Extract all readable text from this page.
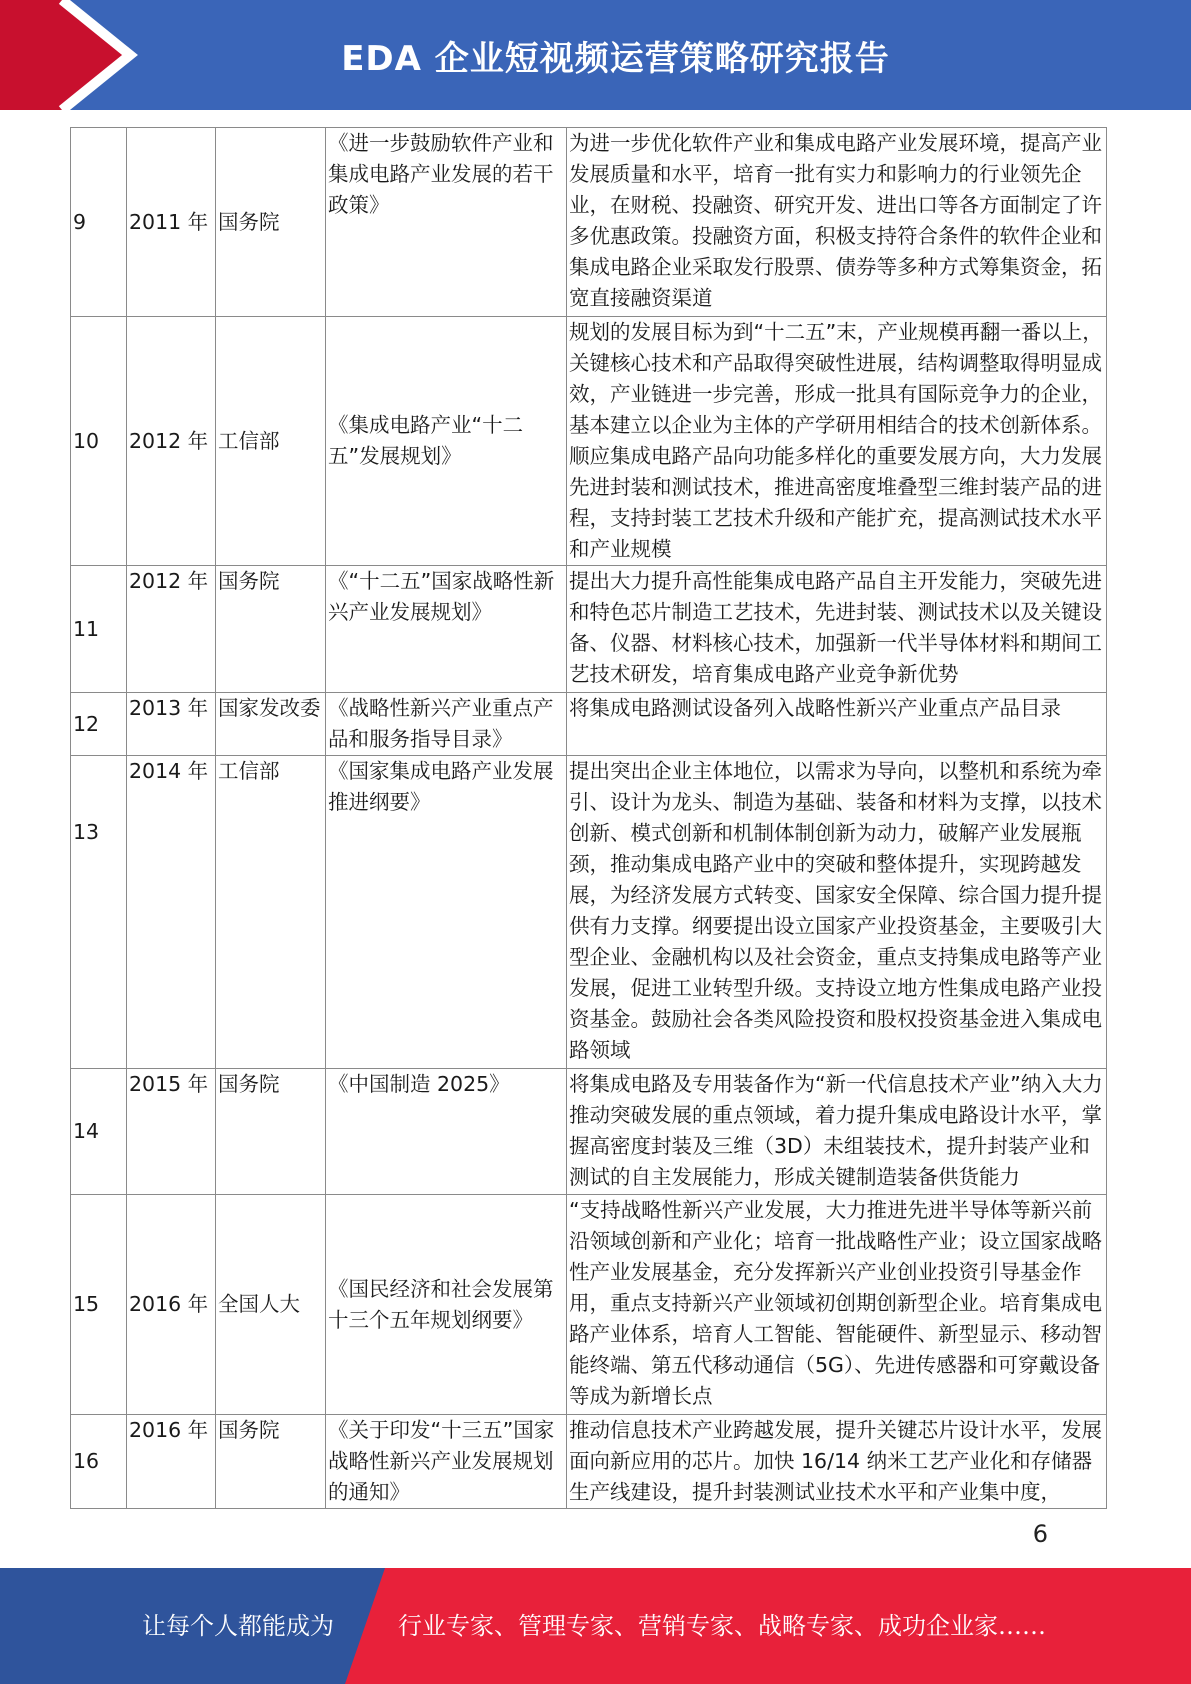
EDA 企业短视频运营策略研究报告
9	2011 年	国务院	《进一步鼓励软件产业和集成电路产业发展的若干政策》	为进一步优化软件产业和集成电路产业发展环境，提高产业发展质量和水平，培育一批有实力和影响力的行业领先企业，在财税、投融资、研究开发、进出口等各方面制定了许多优惠政策。投融资方面，积极支持符合条件的软件企业和集成电路企业采取发行股票、债券等多种方式筹集资金，拓宽直接融资渠道
10	2012 年	工信部	《集成电路产业“十二五”发展规划》	规划的发展目标为到“十二五”末，产业规模再翻一番以上，关键核心技术和产品取得突破性进展，结构调整取得明显成效，产业链进一步完善，形成一批具有国际竞争力的企业，基本建立以企业为主体的产学研用相结合的技术创新体系。顺应集成电路产品向功能多样化的重要发展方向，大力发展先进封装和测试技术，推进高密度堆叠型三维封装产品的进程，支持封装工艺技术升级和产能扩充，提高测试技术水平和产业规模
11	2012 年	国务院	《“十二五”国家战略性新兴产业发展规划》	提出大力提升高性能集成电路产品自主开发能力，突破先进和特色芯片制造工艺技术，先进封装、测试技术以及关键设备、仪器、材料核心技术，加强新一代半导体材料和期间工艺技术研发，培育集成电路产业竞争新优势
12	2013 年	国家发改委	《战略性新兴产业重点产品和服务指导目录》	将集成电路测试设备列入战略性新兴产业重点产品目录
13	2014 年	工信部	《国家集成电路产业发展推进纲要》	提出突出企业主体地位，以需求为导向，以整机和系统为牵引、设计为龙头、制造为基础、装备和材料为支撑，以技术创新、模式创新和机制体制创新为动力，破解产业发展瓶颈，推动集成电路产业中的突破和整体提升，实现跨越发展，为经济发展方式转变、国家安全保障、综合国力提升提供有力支撑。纲要提出设立国家产业投资基金，主要吸引大型企业、金融机构以及社会资金，重点支持集成电路等产业发展，促进工业转型升级。支持设立地方性集成电路产业投资基金。鼓励社会各类风险投资和股权投资基金进入集成电路领域
14	2015 年	国务院	《中国制造 2025》	将集成电路及专用装备作为“新一代信息技术产业”纳入大力推动突破发展的重点领域，着力提升集成电路设计水平，掌握高密度封装及三维（3D）未组装技术，提升封装产业和测试的自主发展能力，形成关键制造装备供货能力
15	2016 年	全国人大	《国民经济和社会发展第十三个五年规划纲要》	“支持战略性新兴产业发展，大力推进先进半导体等新兴前沿领域创新和产业化；培育一批战略性产业；设立国家战略性产业发展基金，充分发挥新兴产业创业投资引导基金作用，重点支持新兴产业领域初创期创新型企业。培育集成电路产业体系，培育人工智能、智能硬件、新型显示、移动智能终端、第五代移动通信（5G）、先进传感器和可穿戴设备等成为新增长点
16	2016 年	国务院	《关于印发“十三五”国家战略性新兴产业发展规划的通知》	推动信息技术产业跨越发展，提升关键芯片设计水平，发展面向新应用的芯片。加快 16/14 纳米工艺产业化和存储器生产线建设，提升封装测试业技术水平和产业集中度，
6
让每个人都能成为	行业专家、管理专家、营销专家、战略专家、成功企业家……
